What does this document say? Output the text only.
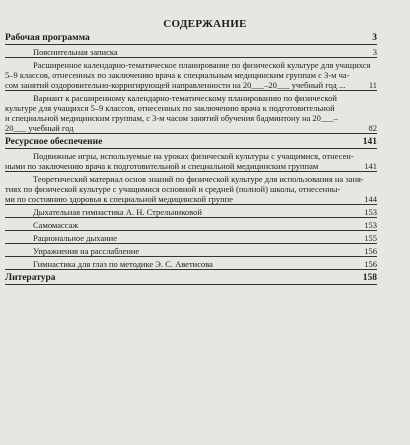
СОДЕРЖАНИЕ
Рабочая программа	3
Пояснительная записка	3
Расширенное календарно-тематическое планирование по физической культуре для учащихся
5–9 классов, отнесенных по заключению врача к специальным медицинским группам с 3-м ча-
сом занятий оздоровительно-корригирующей направленности на 20___–20___ учебный год ...	11
Вариант к расширенному календарно-тематическому планированию по физической
культуре для учащихся 5–9 классов, отнесенных по заключению врача к подготовительной
и специальной медицинским группам, с 3-м часом занятий обучения бадминтону на 20___–
20___ учебный год	82
Ресурсное обеспечение	141
Подвижные игры, используемые на уроках физической культуры с учащимися, отнесен-
ными по заключению врача к подготовительной и специальной медицинским группам	141
Теоретический материал основ знаний по физической культуре для использования на заня-
тиях по физической культуре с учащимися основной и средней (полной) школы, отнесенны-
ми по состоянию здоровья к специальной медицинской группе	144
Дыхательная гимнастика А. Н. Стрельниковой	153
Самомассаж	153
Рациональное дыхание	155
Упражнения на расслабление	156
Гимнастика для глаз по методике Э. С. Аветисова	156
Литература	158
